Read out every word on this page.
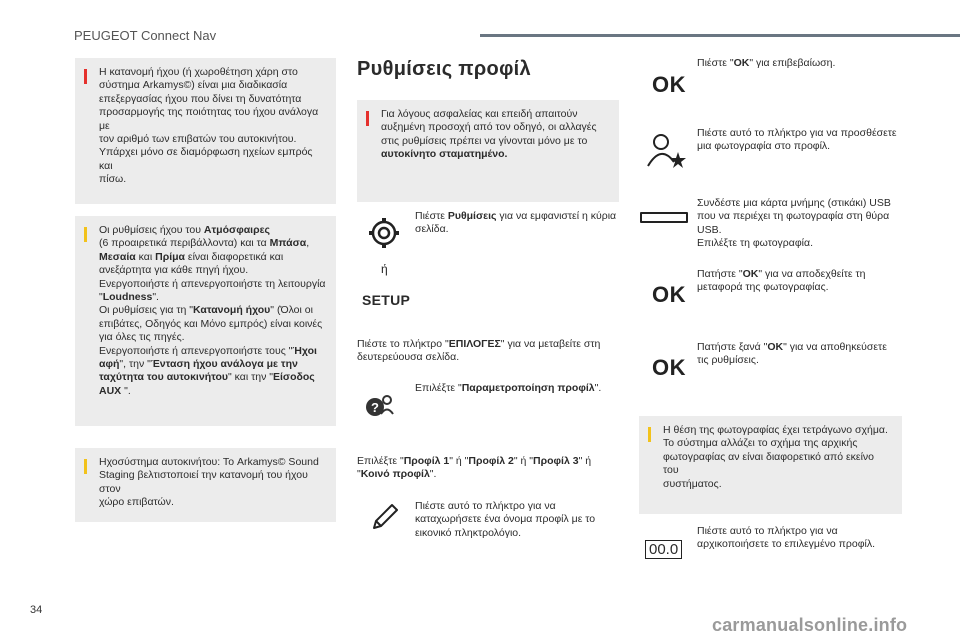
PEUGEOT Connect Nav

Η κατανομή ήχου (ή χωροθέτηση χάρη στο

σύστημα Arkamys©) είναι μια διαδικασία

επεξεργασίας ήχου που δίνει τη δυνατότητα

προσαρμογής της ποιότητας του ήχου ανάλογα με

τον αριθμό των επιβατών του αυτοκινήτου.

Υπάρχει μόνο σε διαμόρφωση ηχείων εμπρός και

πίσω.

Οι ρυθμίσεις ήχου του Ατμόσφαιρες

(6 προαιρετικά περιβάλλοντα) και τα Μπάσα,

Μεσαία και Πρίμα είναι διαφορετικά και

ανεξάρτητα για κάθε πηγή ήχου.

Ενεργοποιήστε ή απενεργοποιήστε τη λειτουργία

"Loudness".

Οι ρυθμίσεις για τη "Κατανομή ήχου" (Όλοι οι

επιβάτες, Οδηγός και Μόνο εμπρός) είναι κοινές

για όλες τις πηγές.

Ενεργοποιήστε ή απενεργοποιήστε τους "Ήχοι

αφή", την "Ένταση ήχου ανάλογα με την

ταχύτητα του αυτοκινήτου" και την "Είσοδος

AUX ".

Ηχοσύστημα αυτοκινήτου: Το Arkamys© Sound

Staging βελτιστοποιεί την κατανομή του ήχου στον

χώρο επιβατών.

Ρυθμίσεις προφίλ

Για λόγους ασφαλείας και επειδή απαιτούν

αυξημένη προσοχή από τον οδηγό, οι αλλαγές

στις ρυθμίσεις πρέπει να γίνονται μόνο με το

αυτοκίνητο σταματημένο.

ή
SETUP
Πιέστε Ρυθμίσεις για να εμφανιστεί η κύρια
σελίδα.
Πιέστε το πλήκτρο "ΕΠΙΛΟΓΕΣ" για να μεταβείτε στη
δευτερεύουσα σελίδα.
?
Επιλέξτε "Παραμετροποίηση προφίλ".
Επιλέξτε "Προφίλ 1" ή "Προφίλ 2" ή "Προφίλ 3" ή
"Κοινό προφίλ".
Πιέστε αυτό το πλήκτρο για να
καταχωρήσετε ένα όνομα προφίλ με το
εικονικό πληκτρολόγιο.
OK
Πιέστε "OK" για επιβεβαίωση.
Πιέστε αυτό το πλήκτρο για να προσθέσετε
μια φωτογραφία στο προφίλ.
Συνδέστε μια κάρτα μνήμης (στικάκι) USB
που να περιέχει τη φωτογραφία στη θύρα
USB.
Επιλέξτε τη φωτογραφία.
OK
Πατήστε "OK" για να αποδεχθείτε τη
μεταφορά της φωτογραφίας.
OK
Πατήστε ξανά "OK" για να αποθηκεύσετε
τις ρυθμίσεις.

Η θέση της φωτογραφίας έχει τετράγωνο σχήμα.

Το σύστημα αλλάζει το σχήμα της αρχικής

φωτογραφίας αν είναι διαφορετικό από εκείνο του

συστήματος.

00.0
Πιέστε αυτό το πλήκτρο για να
αρχικοποιήσετε το επιλεγμένο προφίλ.
34
carmanualsonline.info
